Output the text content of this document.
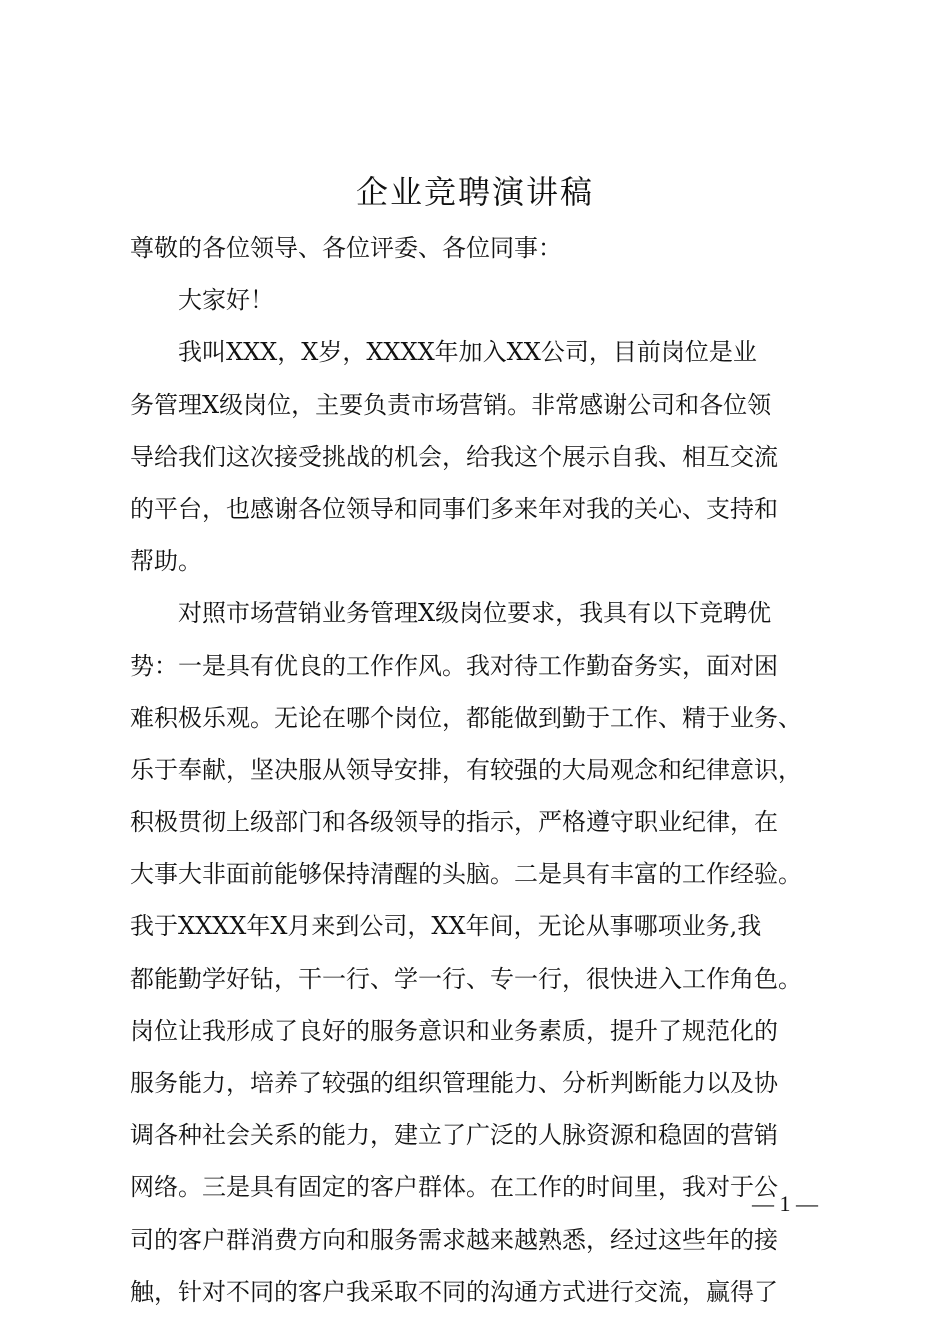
企业竞聘演讲稿
尊敬的各位领导、各位评委、各位同事：
大家好！
我叫XXX，X岁，XXXX年加入XX公司，目前岗位是业
务管理X级岗位，主要负责市场营销。非常感谢公司和各位领
导给我们这次接受挑战的机会，给我这个展示自我、相互交流
的平台，也感谢各位领导和同事们多来年对我的关心、支持和
帮助。
对照市场营销业务管理X级岗位要求，我具有以下竞聘优
势：一是具有优良的工作作风。我对待工作勤奋务实，面对困
难积极乐观。无论在哪个岗位，都能做到勤于工作、精于业务、
乐于奉献，坚决服从领导安排，有较强的大局观念和纪律意识，
积极贯彻上级部门和各级领导的指示，严格遵守职业纪律，在
大事大非面前能够保持清醒的头脑。二是具有丰富的工作经验。
我于XXXX年X月来到公司，XX年间，无论从事哪项业务,我
都能勤学好钻，干一行、学一行、专一行，很快进入工作角色。
岗位让我形成了良好的服务意识和业务素质，提升了规范化的
服务能力，培养了较强的组织管理能力、分析判断能力以及协
调各种社会关系的能力，建立了广泛的人脉资源和稳固的营销
网络。三是具有固定的客户群体。在工作的时间里，我对于公
司的客户群消费方向和服务需求越来越熟悉，经过这些年的接
触，针对不同的客户我采取不同的沟通方式进行交流，赢得了
— 1 —
